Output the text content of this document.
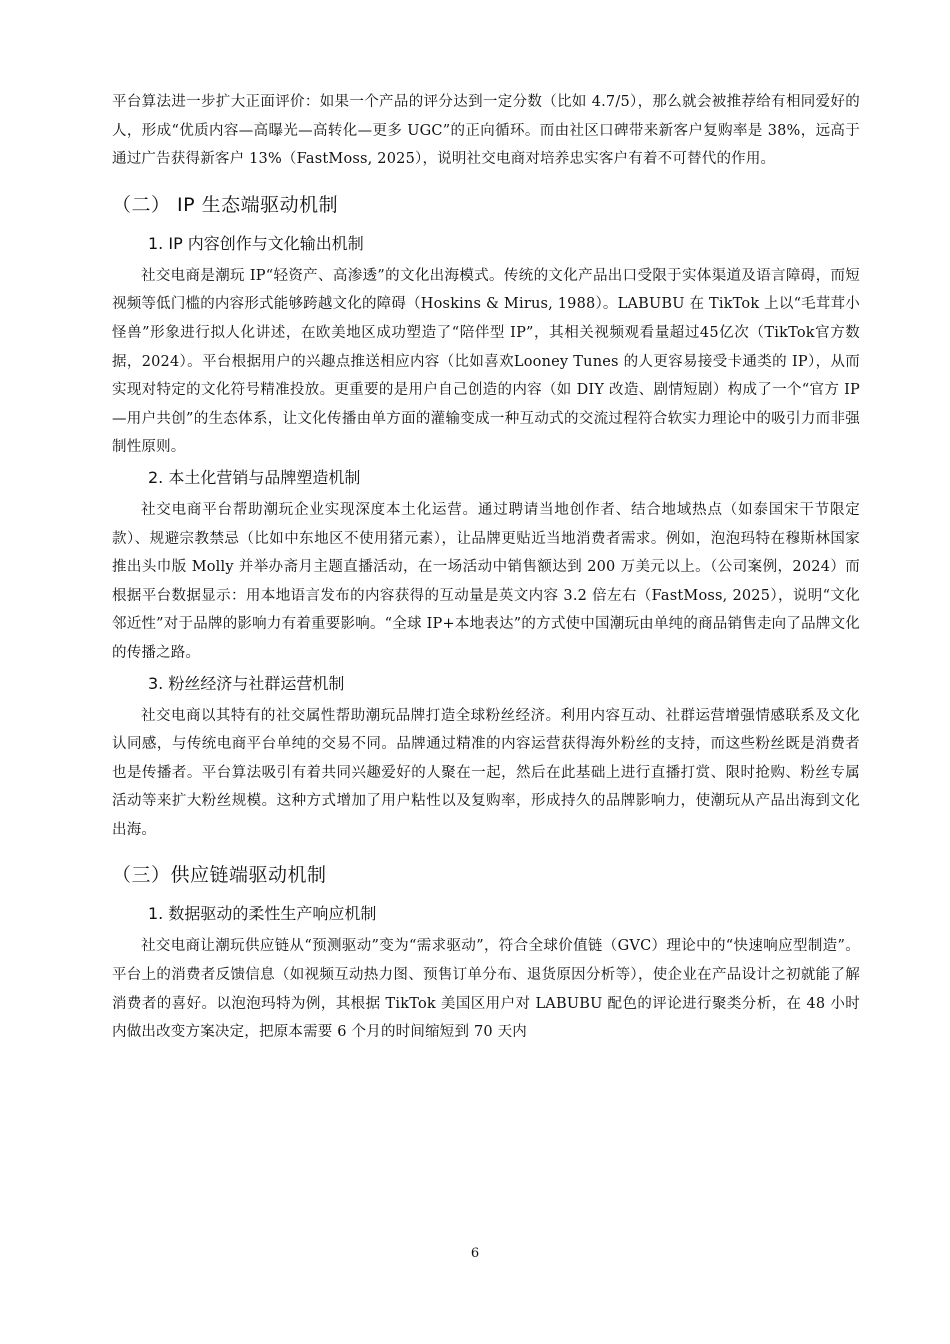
平台算法进一步扩大正面评价：如果一个产品的评分达到一定分数（比如 4.7/5），那么就会被推荐给有相同爱好的人，形成“优质内容—高曝光—高转化—更多 UGC”的正向循环。而由社区口碑带来新客户复购率是 38%，远高于通过广告获得新客户 13%（FastMoss, 2025），说明社交电商对培养忠实客户有着不可替代的作用。

（二） IP 生态端驱动机制
1. IP 内容创作与文化输出机制

社交电商是潮玩 IP“轻资产、高渗透”的文化出海模式。传统的文化产品出口受限于实体渠道及语言障碍，而短视频等低门槛的内容形式能够跨越文化的障碍（Hoskins & Mirus, 1988）。LABUBU 在 TikTok 上以“毛茸茸小怪兽”形象进行拟人化讲述，在欧美地区成功塑造了“陪伴型 IP”，其相关视频观看量超过45亿次（TikTok官方数据，2024）。平台根据用户的兴趣点推送相应内容（比如喜欢Looney Tunes 的人更容易接受卡通类的 IP），从而实现对特定的文化符号精准投放。更重要的是用户自己创造的内容（如 DIY 改造、剧情短剧）构成了一个“官方 IP—用户共创”的生态体系，让文化传播由单方面的灌输变成一种互动式的交流过程符合软实力理论中的吸引力而非强制性原则。

2. 本土化营销与品牌塑造机制

社交电商平台帮助潮玩企业实现深度本土化运营。通过聘请当地创作者、结合地域热点（如泰国宋干节限定款）、规避宗教禁忌（比如中东地区不使用猪元素），让品牌更贴近当地消费者需求。例如，泡泡玛特在穆斯林国家推出头巾版 Molly 并举办斋月主题直播活动，在一场活动中销售额达到 200 万美元以上。（公司案例，2024）而根据平台数据显示：用本地语言发布的内容获得的互动量是英文内容 3.2 倍左右（FastMoss, 2025），说明“文化邻近性”对于品牌的影响力有着重要影响。“全球 IP+本地表达”的方式使中国潮玩由单纯的商品销售走向了品牌文化的传播之路。

3. 粉丝经济与社群运营机制

社交电商以其特有的社交属性帮助潮玩品牌打造全球粉丝经济。利用内容互动、社群运营增强情感联系及文化认同感，与传统电商平台单纯的交易不同。品牌通过精准的内容运营获得海外粉丝的支持，而这些粉丝既是消费者也是传播者。平台算法吸引有着共同兴趣爱好的人聚在一起，然后在此基础上进行直播打赏、限时抢购、粉丝专属活动等来扩大粉丝规模。这种方式增加了用户粘性以及复购率，形成持久的品牌影响力，使潮玩从产品出海到文化出海。

（三）供应链端驱动机制
1. 数据驱动的柔性生产响应机制

社交电商让潮玩供应链从“预测驱动”变为“需求驱动”，符合全球价值链（GVC）理论中的“快速响应型制造”。平台上的消费者反馈信息（如视频互动热力图、预售订单分布、退货原因分析等），使企业在产品设计之初就能了解消费者的喜好。以泡泡玛特为例，其根据 TikTok 美国区用户对 LABUBU 配色的评论进行聚类分析，在 48 小时内做出改变方案决定，把原本需要 6 个月的时间缩短到 70 天内

6
